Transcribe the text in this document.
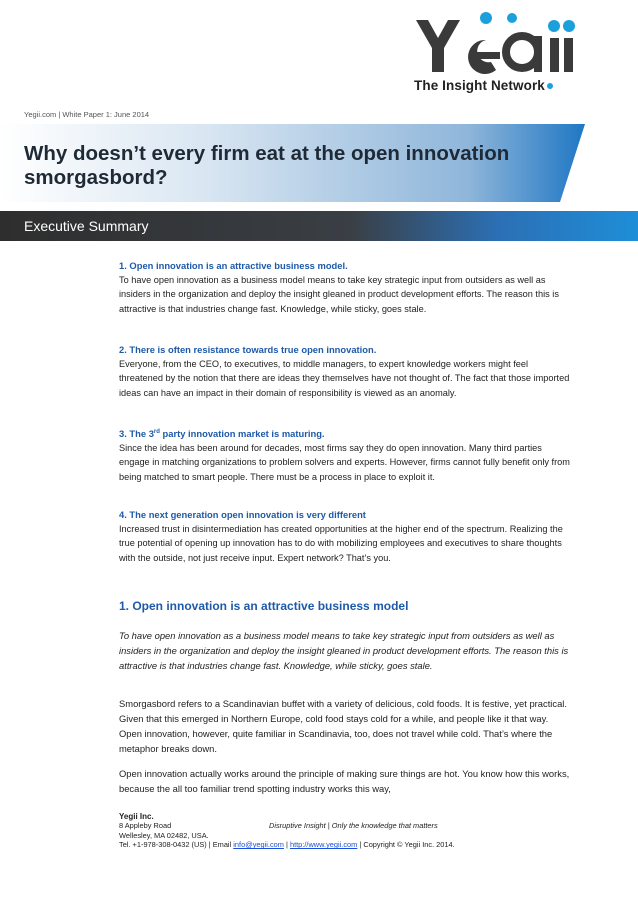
The Insight Network
Yegii.com | White Paper 1: June 2014
Why doesn’t every firm eat at the open innovation smorgasbord?
Executive Summary
1. Open innovation is an attractive business model.
To have open innovation as a business model means to take key strategic input from outsiders as well as insiders in the organization and deploy the insight gleaned in product development efforts. The reason this is attractive is that industries change fast. Knowledge, while sticky, goes stale.
2. There is often resistance towards true open innovation.
Everyone, from the CEO, to executives, to middle managers, to expert knowledge workers might feel threatened by the notion that there are ideas they themselves have not thought of. The fact that those imported ideas can have an impact in their domain of responsibility is viewed as an anomaly.
3. The 3rd party innovation market is maturing.
Since the idea has been around for decades, most firms say they do open innovation. Many third parties engage in matching organizations to problem solvers and experts. However, firms cannot fully benefit only from being matched to smart people. There must be a process in place to exploit it.
4. The next generation open innovation is very different
Increased trust in disintermediation has created opportunities at the higher end of the spectrum. Realizing the true potential of opening up innovation has to do with mobilizing employees and executives to share thoughts with the outside, not just receive input. Expert network? That’s you.
1. Open innovation is an attractive business model
To have open innovation as a business model means to take key strategic input from outsiders as well as insiders in the organization and deploy the insight gleaned in product development efforts. The reason this is attractive is that industries change fast. Knowledge, while sticky, goes stale.
Smorgasbord refers to a Scandinavian buffet with a variety of delicious, cold foods. It is festive, yet practical. Given that this emerged in Northern Europe, cold food stays cold for a while, and people like it that way. Open innovation, however, quite familiar in Scandinavia, too, does not travel while cold. That’s where the metaphor breaks down.
Open innovation actually works around the principle of making sure things are hot. You know how this works, because the all too familiar trend spotting industry works this way,
Yegii Inc.
8 Appleby Road	Disruptive Insight | Only the knowledge that matters
Wellesley, MA 02482, USA.
Tel. +1-978-308-0432 (US) | Email info@yegii.com | http://www.yegii.com | Copyright © Yegii Inc. 2014.
